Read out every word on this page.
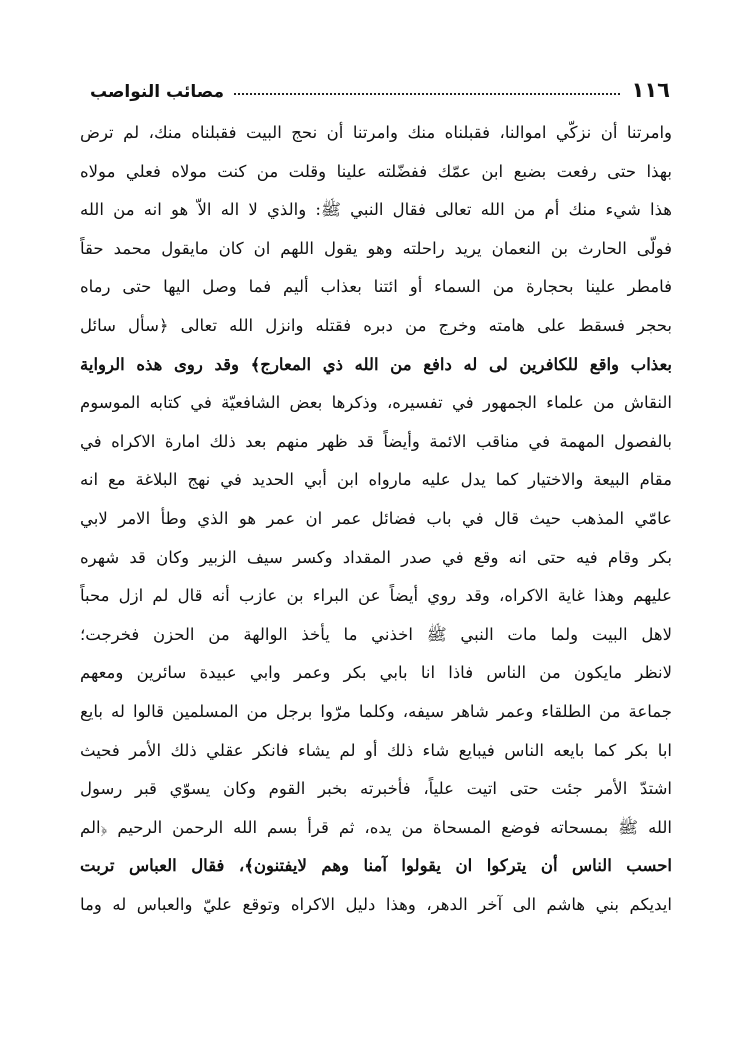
١١٦
مصائب النواصب
وامرتنا أن نزكّي اموالنا، فقبلناه منك وامرتنا أن نحج البيت فقبلناه منك، لم ترض
بهذا حتى رفعت بضبع ابن عمّك ففضّلته علينا وقلت من كنت مولاه فعلي مولاه
هذا شيء منك أم من الله تعالى فقال النبي ﷺ: والذي لا اله الاّ هو انه من الله
فولّى الحارث بن النعمان يريد راحلته وهو يقول اللهم ان كان مايقول محمد حقاً
فامطر علينا بحجارة من السماء أو ائتنا بعذاب أليم فما وصل اليها حتى رماه
بحجر فسقط على هامته وخرج من دبره فقتله وانزل الله تعالى ﴿سأل سائل
بعذاب واقع للكافرين لى له دافع من الله ذي المعارج﴾ وقد روى هذه الرواية
النقاش من علماء الجمهور في تفسيره، وذكرها بعض الشافعيّة في كتابه الموسوم
بالفصول المهمة في مناقب الائمة وأيضاً قد ظهر منهم بعد ذلك امارة الاكراه في
مقام البيعة والاختيار كما يدل عليه مارواه ابن أبي الحديد في نهج البلاغة مع انه
عامّي المذهب حيث قال في باب فضائل عمر ان عمر هو الذي وطأ الامر لابي
بكر وقام فيه حتى انه وقع في صدر المقداد وكسر سيف الزبير وكان قد شهره
عليهم وهذا غاية الاكراه، وقد روي أيضاً عن البراء بن عازب أنه قال لم ازل محباً
لاهل البيت ولما مات النبي ﷺ اخذني ما يأخذ الوالهة من الحزن فخرجت؛
لانظر مايكون من الناس فاذا انا بابي بكر وعمر وابي عبيدة سائرين ومعهم
جماعة من الطلقاء وعمر شاهر سيفه، وكلما مرّوا برجل من المسلمين قالوا له بايع
ابا بكر كما بايعه الناس فيبايع شاء ذلك أو لم يشاء فانكر عقلي ذلك الأمر فحيث
اشتدّ الأمر جئت حتى اتيت علياً، فأخبرته بخبر القوم وكان يسوّي قبر رسول
الله ﷺ بمسحاته فوضع المسحاة من يده، ثم قرأ بسم الله الرحمن الرحيم ﴿الم
احسب الناس أن يتركوا ان يقولوا آمنا وهم لايفتنون﴾، فقال العباس تربت
ايديكم بني هاشم الى آخر الدهر، وهذا دليل الاكراه وتوقع عليّ والعباس له وما
